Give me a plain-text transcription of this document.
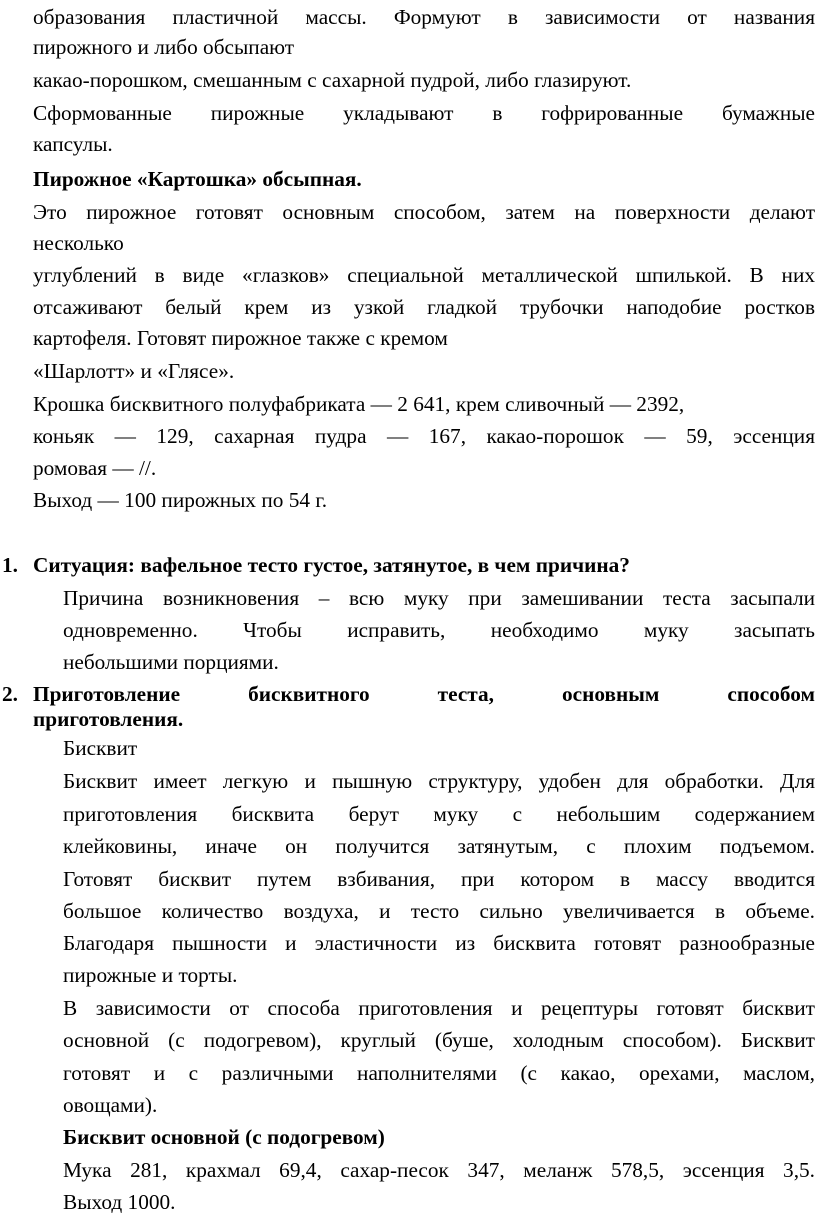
образования пластичной массы. Формуют в зависимости от названия
пирожного и либо обсыпают
какао-порошком, смешанным с сахарной пудрой, либо глазируют.
Сформованные пирожные укладывают в гофрированные бумажные
капсулы.
Пирожное «Картошка» обсыпная.
Это пирожное готовят основным способом, затем на поверхности делают
несколько
углублений в виде «глазков» специальной металлической шпилькой. В них
отсаживают белый крем из узкой гладкой трубочки наподобие ростков
картофеля. Готовят пирожное также с кремом
«Шарлотт» и «Глясе».
Крошка бисквитного полуфабриката — 2 641, крем сливочный — 2392,
коньяк — 129, сахарная пудра — 167, какао-порошок — 59, эссенция
ромовая — //.
Выход — 100 пирожных по 54 г.
1. Ситуация: вафельное тесто густое, затянутое, в чем причина?
Причина возникновения – всю муку при замешивании теста засыпали
одновременно. Чтобы исправить, необходимо муку засыпать
небольшими порциями.
2. Приготовление бисквитного теста, основным способом
приготовления.
Бисквит
Бисквит имеет легкую и пышную структуру, удобен для обработки. Для
приготовления бисквита берут муку с небольшим содержанием
клейковины, иначе он получится затянутым, с плохим подъемом.
Готовят бисквит путем взбивания, при котором в массу вводится
большое количество воздуха, и тесто сильно увеличивается в объеме.
Благодаря пышности и эластичности из бисквита готовят разнообразные
пирожные и торты.
В зависимости от способа приготовления и рецептуры готовят бисквит
основной (с подогревом), круглый (буше, холодным способом). Бисквит
готовят и с различными наполнителями (с какао, орехами, маслом,
овощами).
Бисквит основной (с подогревом)
Мука 281, крахмал 69,4, сахар-песок 347, меланж 578,5, эссенция 3,5.
Выход 1000.
